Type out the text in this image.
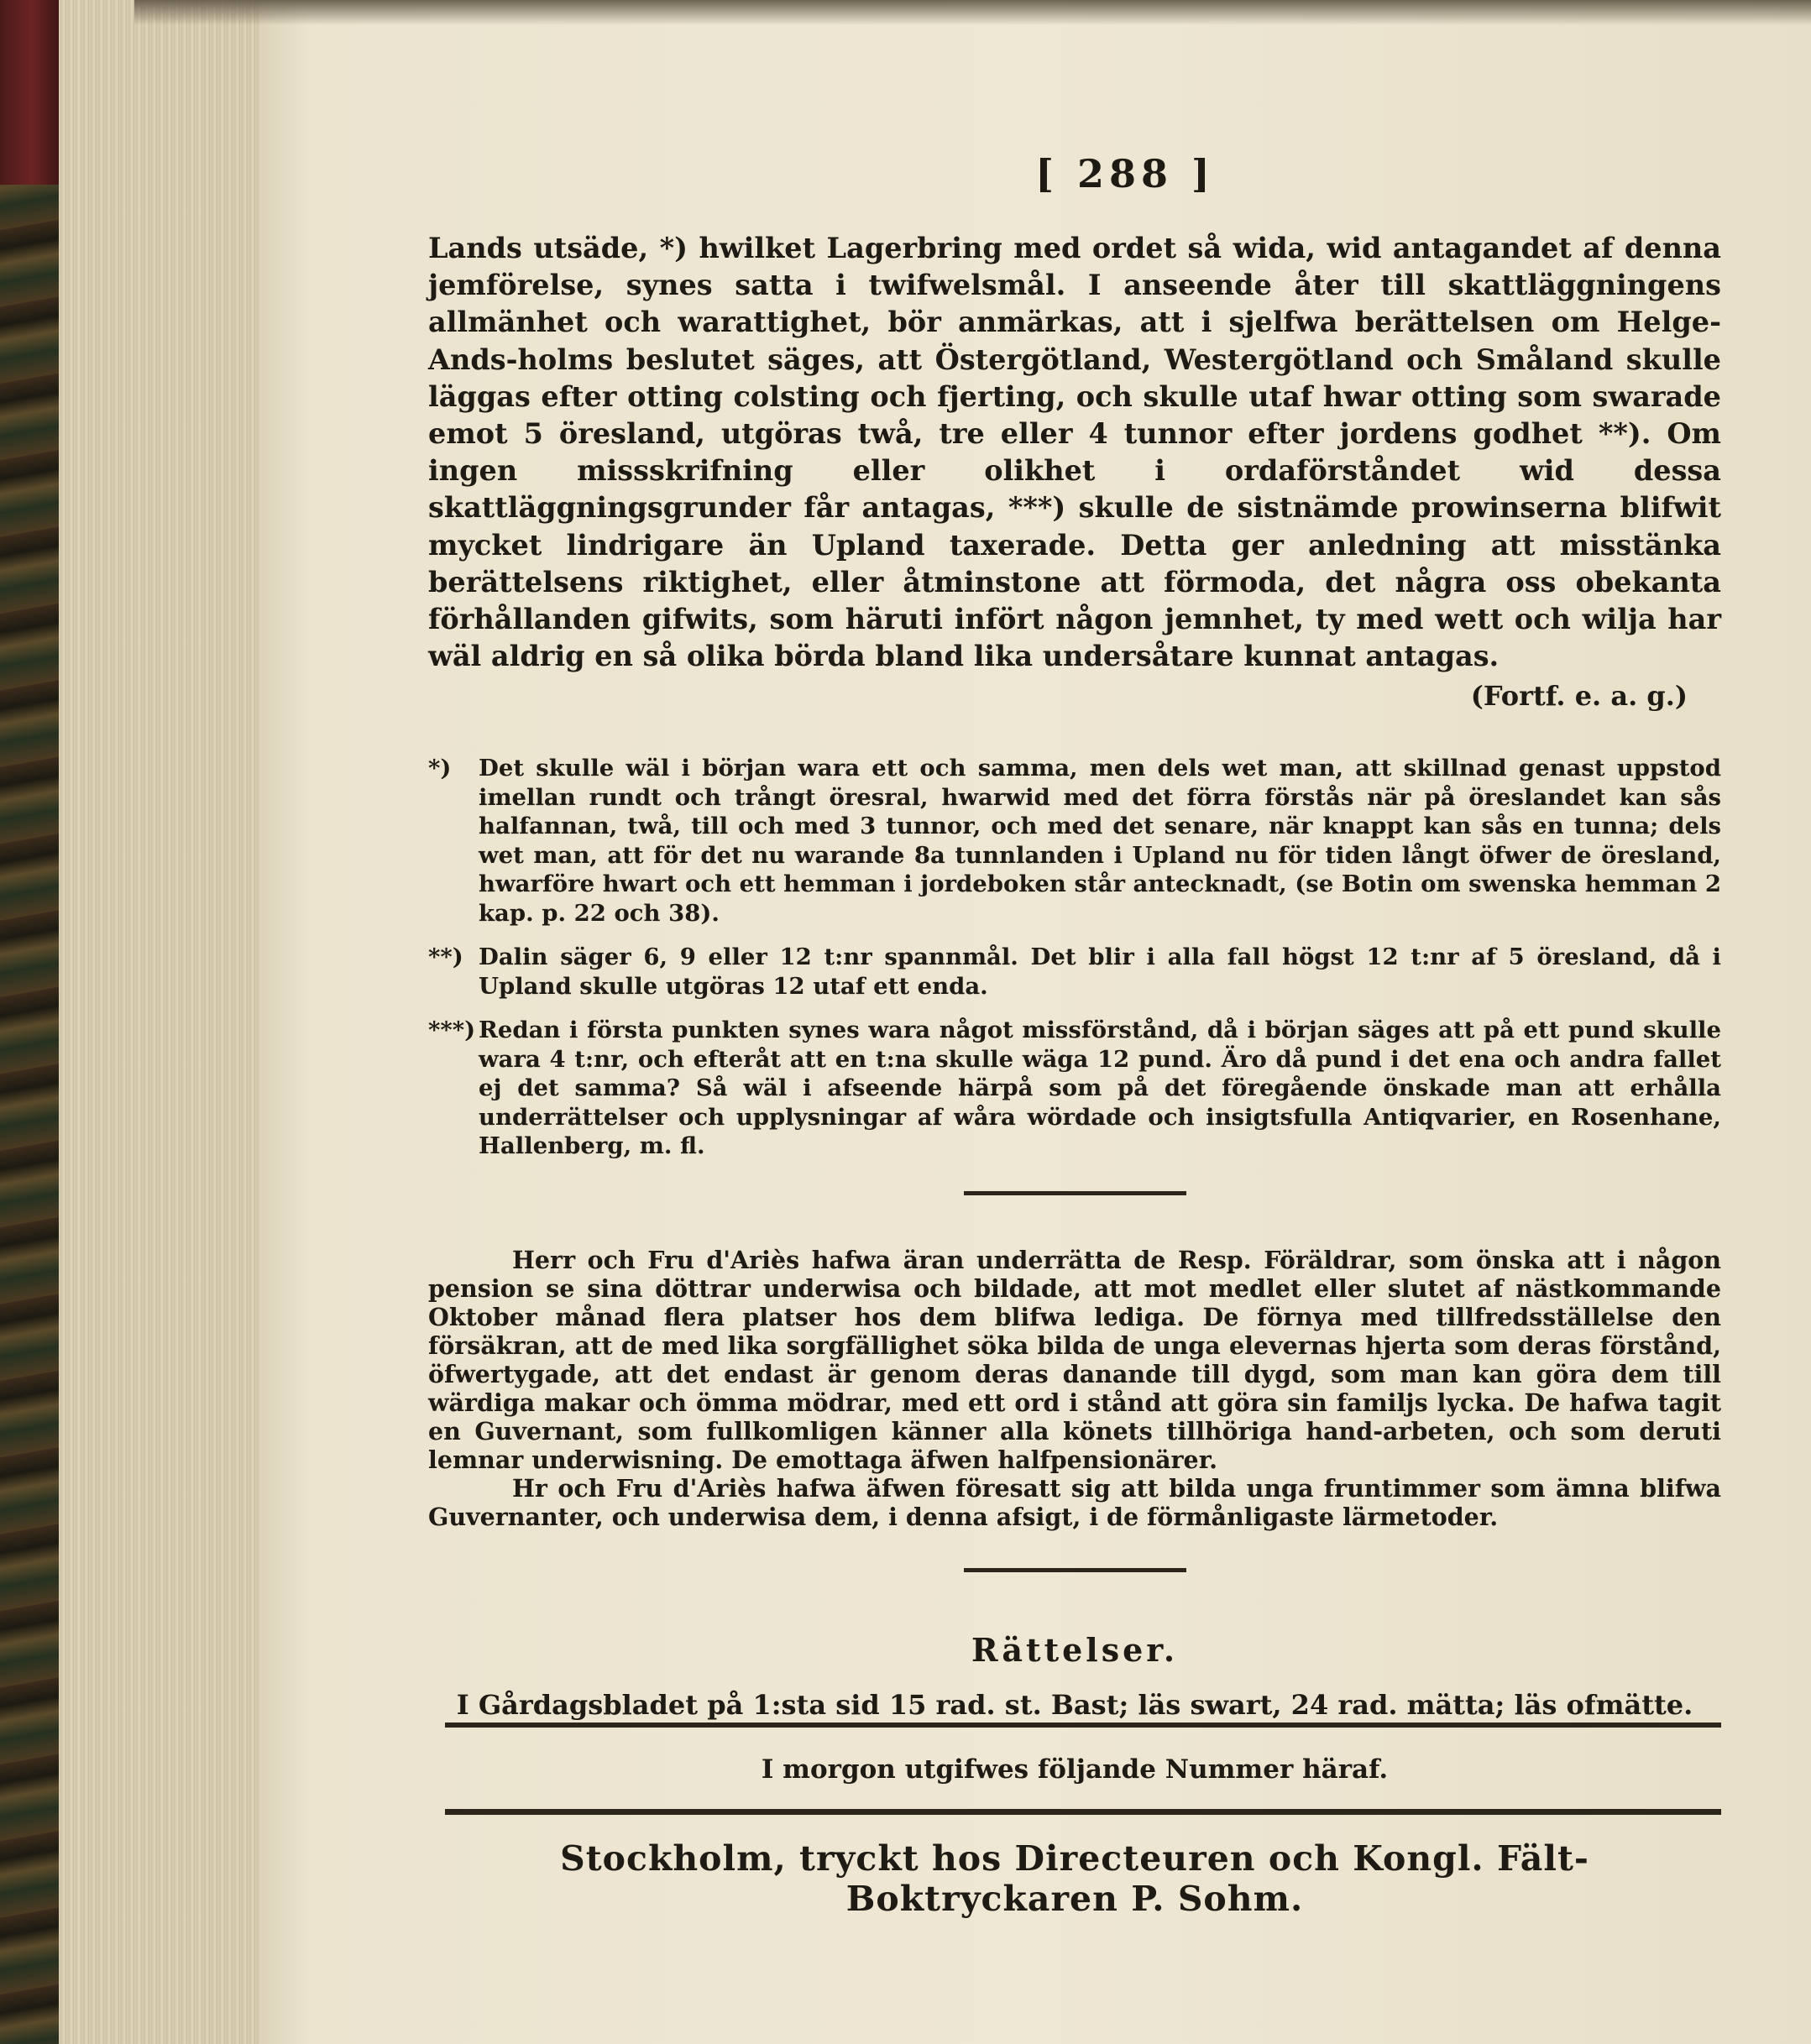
[ 288 ]

Lands utsäde, *) hwilket Lagerbring med ordet så wida, wid antagandet af denna jemförelse, synes satta i twifwelsmål. I anseende åter till skattläggningens allmänhet och warattighet, bör anmärkas, att i sjelfwa berättelsen om Helge-Ands-holms beslutet säges, att Östergötland, Westergötland och Småland skulle läggas efter otting colsting och fjerting, och skulle utaf hwar otting som swarade emot 5 öresland, utgöras twå, tre eller 4 tunnor efter jordens godhet **). Om ingen missskrifning eller olikhet i ordaförståndet wid dessa skattläggningsgrunder får antagas, ***) skulle de sistnämde prowinserna blifwit mycket lindrigare än Upland taxerade. Detta ger anledning att misstänka berättelsens riktighet, eller åtminstone att förmoda, det några oss obekanta förhållanden gifwits, som häruti infört någon jemnhet, ty med wett och wilja har wäl aldrig en så olika börda bland lika undersåtare kunnat antagas.

(Fortf. e. a. g.)

*) Det skulle wäl i början wara ett och samma, men dels wet man, att skillnad genast uppstod imellan rundt och trångt öresral, hwarwid med det förra förstås när på öreslandet kan sås halfannan, twå, till och med 3 tunnor, och med det senare, när knappt kan sås en tunna; dels wet man, att för det nu warande 8a tunnlanden i Upland nu för tiden långt öfwer de öresland, hwarföre hwart och ett hemman i jordeboken står antecknadt, (se Botin om swenska hemman 2 kap. p. 22 och 38).

**) Dalin säger 6, 9 eller 12 t:nr spannmål. Det blir i alla fall högst 12 t:nr af 5 öresland, då i Upland skulle utgöras 12 utaf ett enda.

***) Redan i första punkten synes wara något missförstånd, då i början säges att på ett pund skulle wara 4 t:nr, och efteråt att en t:na skulle wäga 12 pund. Äro då pund i det ena och andra fallet ej det samma? Så wäl i afseende härpå som på det föregående önskade man att erhålla underrättelser och upplysningar af wåra wördade och insigtsfulla Antiqvarier, en Rosenhane, Hallenberg, m. fl.

Herr och Fru d'Ariès hafwa äran underrätta de Resp. Föräldrar, som önska att i någon pension se sina döttrar underwisa och bildade, att mot medlet eller slutet af nästkommande Oktober månad flera platser hos dem blifwa lediga. De förnya med tillfredsställelse den försäkran, att de med lika sorgfällighet söka bilda de unga elevernas hjerta som deras förstånd, öfwertygade, att det endast är genom deras danande till dygd, som man kan göra dem till wärdiga makar och ömma mödrar, med ett ord i stånd att göra sin familjs lycka. De hafwa tagit en Guvernant, som fullkomligen känner alla könets tillhöriga hand-arbeten, och som deruti lemnar underwisning. De emottaga äfwen halfpensionärer.

Hr och Fru d'Ariès hafwa äfwen föresatt sig att bilda unga fruntimmer som ämna blifwa Guvernanter, och underwisa dem, i denna afsigt, i de förmånligaste lärmetoder.

Rättelser.

I Gårdagsbladet på 1:sta sid 15 rad. st. Bast; läs swart, 24 rad. mätta; läs ofmätte.

I morgon utgifwes följande Nummer häraf.
Stockholm, tryckt hos Directeuren och Kongl. Fält-Boktryckaren P. Sohm.
